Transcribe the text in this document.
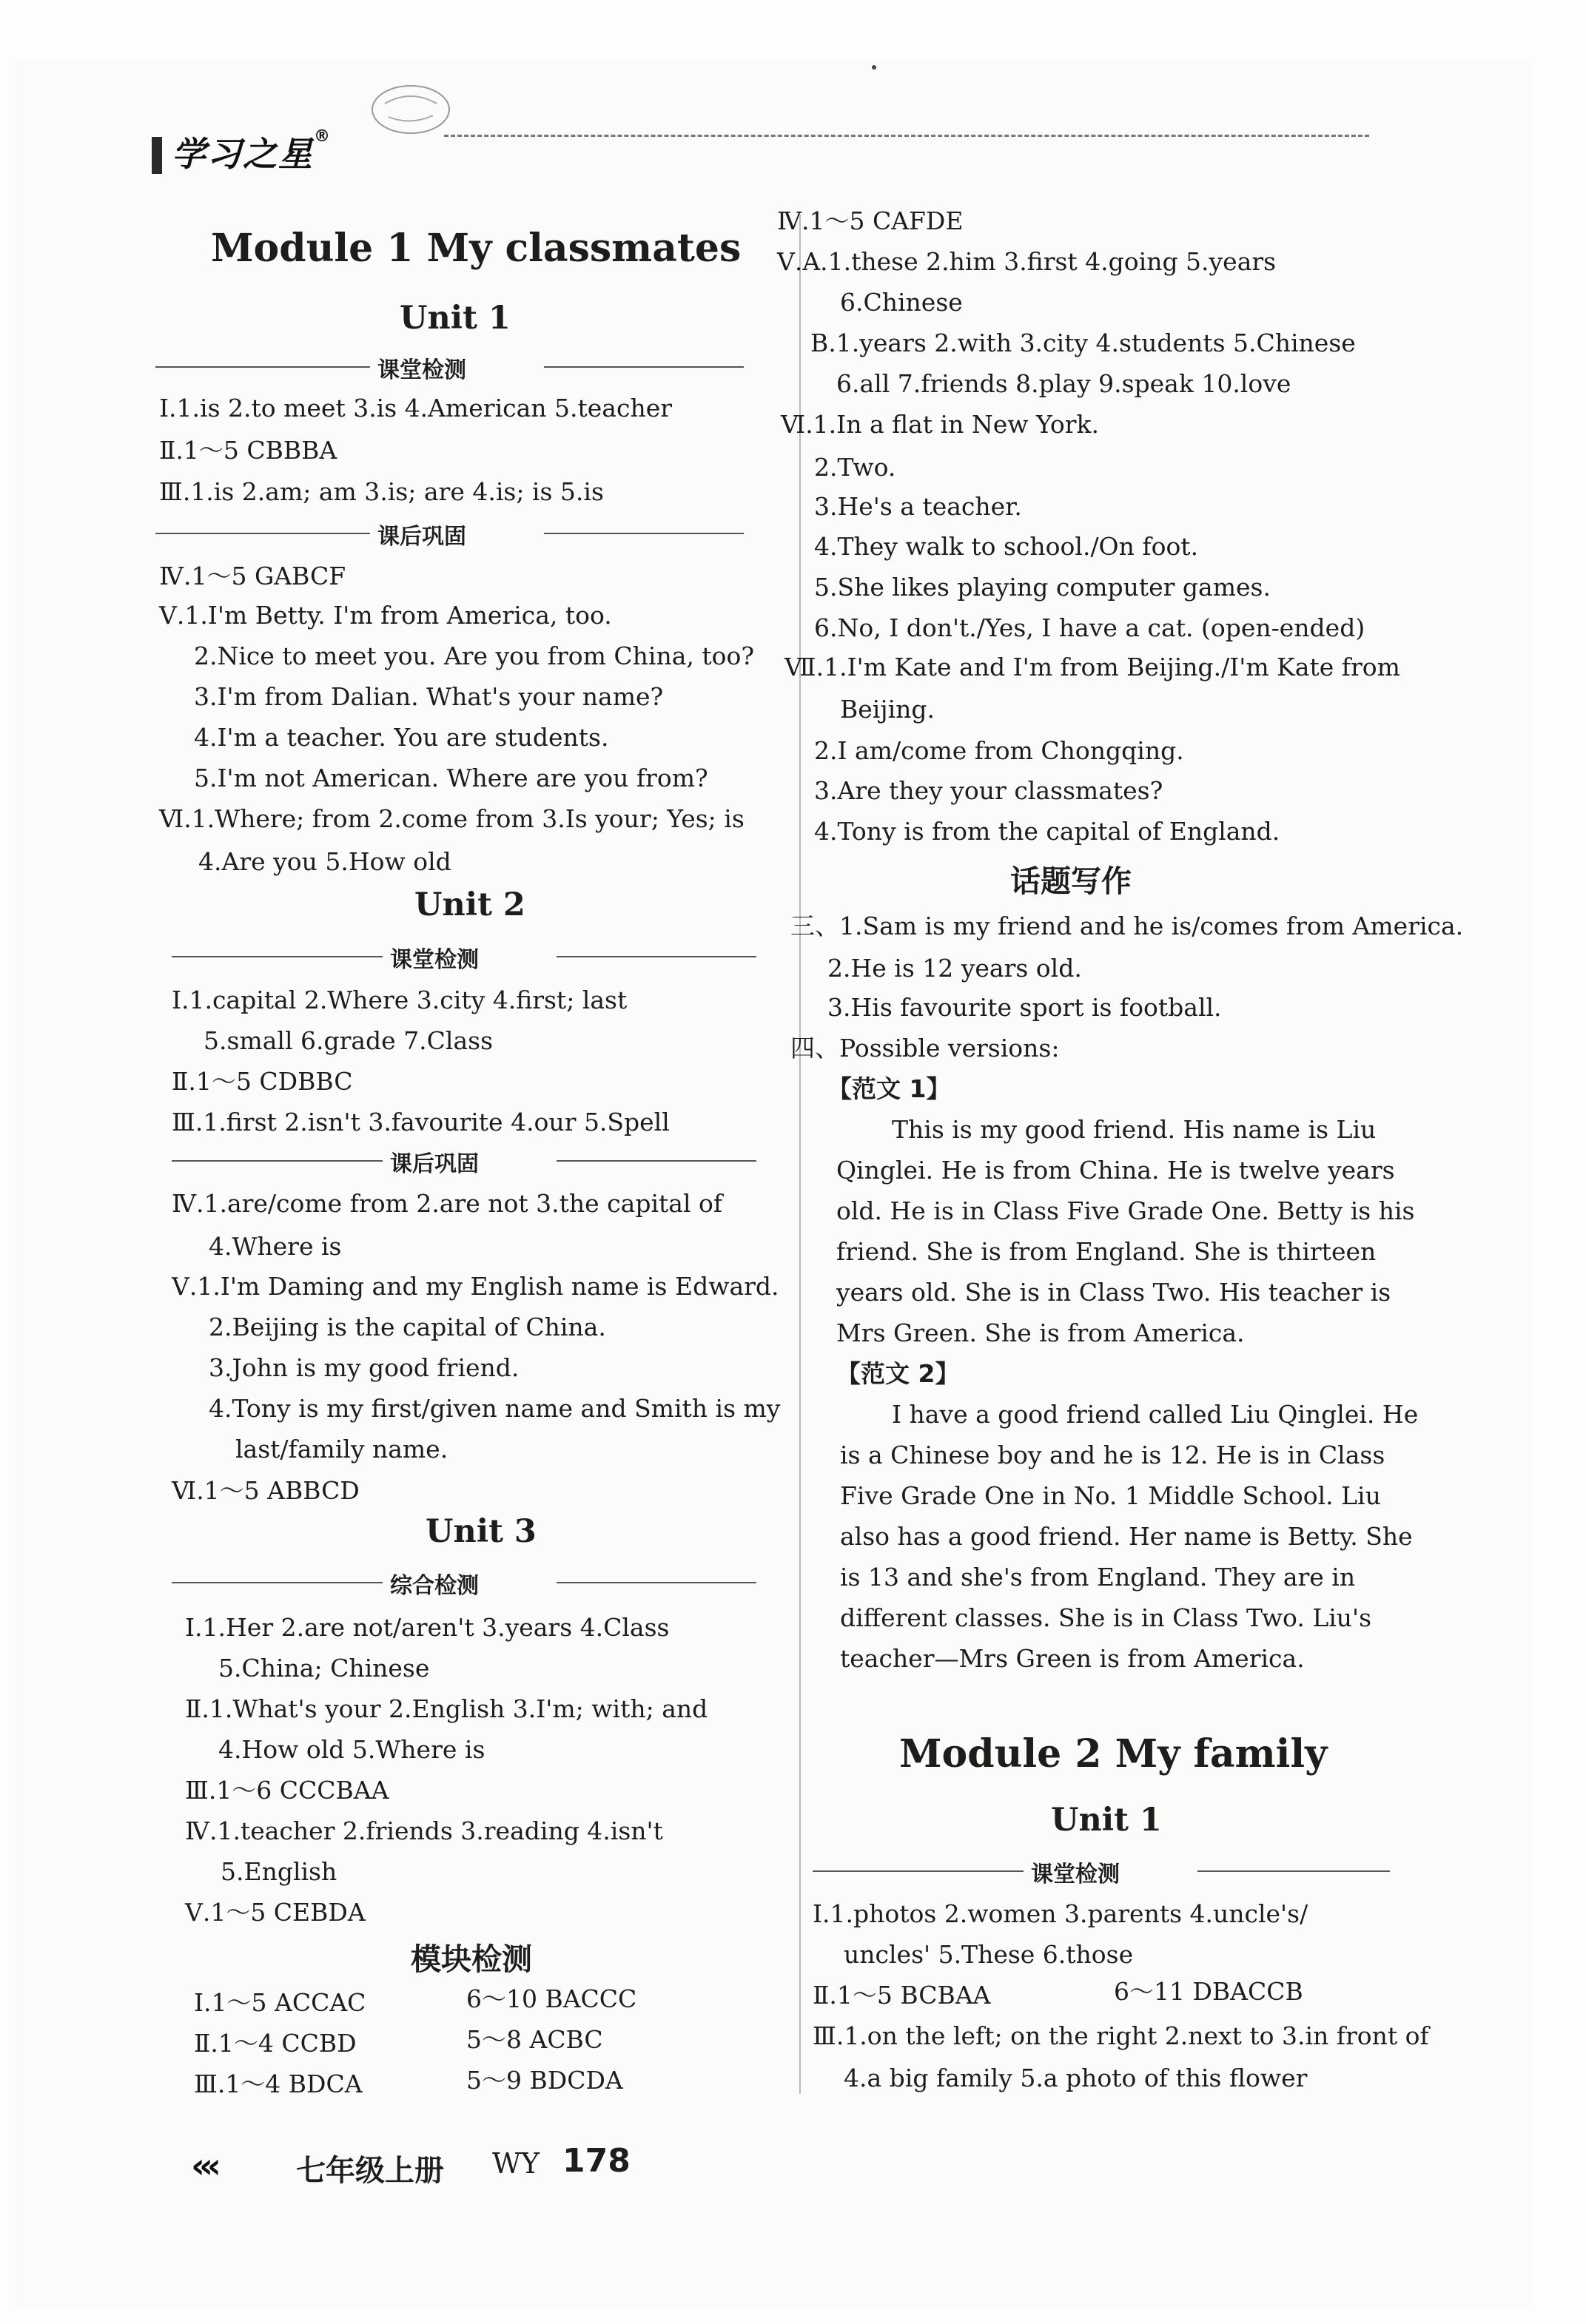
学习之星®
Module 1 My classmates
Unit 1
课堂检测
Ⅰ.1.is 2.to meet 3.is 4.American 5.teacher
Ⅱ.1～5 CBBBA
Ⅲ.1.is 2.am; am 3.is; are 4.is; is 5.is
课后巩固
Ⅳ.1～5 GABCF
Ⅴ.1.I'm Betty. I'm from America, too.
2.Nice to meet you. Are you from China, too?
3.I'm from Dalian. What's your name?
4.I'm a teacher. You are students.
5.I'm not American. Where are you from?
Ⅵ.1.Where; from 2.come from 3.Is your; Yes; is
4.Are you 5.How old
Unit 2
课堂检测
Ⅰ.1.capital 2.Where 3.city 4.first; last
5.small 6.grade 7.Class
Ⅱ.1～5 CDBBC
Ⅲ.1.first 2.isn't 3.favourite 4.our 5.Spell
课后巩固
Ⅳ.1.are/come from 2.are not 3.the capital of
4.Where is
Ⅴ.1.I'm Daming and my English name is Edward.
2.Beijing is the capital of China.
3.John is my good friend.
4.Tony is my first/given name and Smith is my
last/family name.
Ⅵ.1～5 ABBCD
Unit 3
综合检测
Ⅰ.1.Her 2.are not/aren't 3.years 4.Class
5.China; Chinese
Ⅱ.1.What's your 2.English 3.I'm; with; and
4.How old 5.Where is
Ⅲ.1～6 CCCBAA
Ⅳ.1.teacher 2.friends 3.reading 4.isn't
5.English
Ⅴ.1～5 CEBDA
模块检测
Ⅰ.1～5 ACCAC	6～10 BACCC
Ⅱ.1～4 CCBD	5～8 ACBC
Ⅲ.1～4 BDCA	5～9 BDCDA
Ⅳ.1～5 CAFDE
Ⅴ.A.1.these 2.him 3.first 4.going 5.years
6.Chinese
B.1.years 2.with 3.city 4.students 5.Chinese
6.all 7.friends 8.play 9.speak 10.love
Ⅵ.1.In a flat in New York.
2.Two.
3.He's a teacher.
4.They walk to school./On foot.
5.She likes playing computer games.
6.No, I don't./Yes, I have a cat. (open-ended)
Ⅶ.1.I'm Kate and I'm from Beijing./I'm Kate from
Beijing.
2.I am/come from Chongqing.
3.Are they your classmates?
4.Tony is from the capital of England.
话题写作
三、1.Sam is my friend and he is/comes from America.
2.He is 12 years old.
3.His favourite sport is football.
四、Possible versions:
【范文 1】
This is my good friend. His name is Liu
Qinglei. He is from China. He is twelve years
old. He is in Class Five Grade One. Betty is his
friend. She is from England. She is thirteen
years old. She is in Class Two. His teacher is
Mrs Green. She is from America.
【范文 2】
I have a good friend called Liu Qinglei. He
is a Chinese boy and he is 12. He is in Class
Five Grade One in No. 1 Middle School. Liu
also has a good friend. Her name is Betty. She
is 13 and she's from England. They are in
different classes. She is in Class Two. Liu's
teacher—Mrs Green is from America.
Module 2 My family
Unit 1
课堂检测
Ⅰ.1.photos 2.women 3.parents 4.uncle's/
uncles' 5.These 6.those
Ⅱ.1～5 BCBAA	6～11 DBACCB
Ⅲ.1.on the left; on the right 2.next to 3.in front of
4.a big family 5.a photo of this flower
‹‹‹	七年级上册 WY 178
